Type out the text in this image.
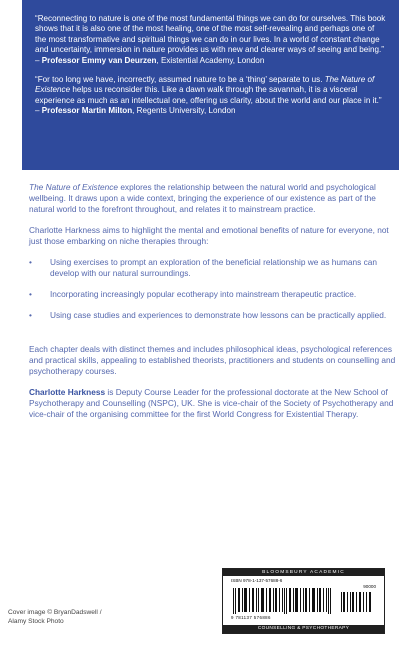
“Reconnecting to nature is one of the most fundamental things we can do for ourselves. This book shows that it is also one of the most healing, one of the most self-revealing and perhaps one of the most transformative and spiritual things we can do in our lives. In a world of constant change and uncertainty, immersion in nature provides us with new and clearer ways of seeing and being.”
– Professor Emmy van Deurzen, Existential Academy, London

“For too long we have, incorrectly, assumed nature to be a ‘thing’ separate to us. The Nature of Existence helps us reconsider this. Like a dawn walk through the savannah, it is a visceral experience as much as an intellectual one, offering us clarity, about the world and our place in it.” – Professor Martin Milton, Regents University, London

The Nature of Existence explores the relationship between the natural world and psychological wellbeing. It draws upon a wide context, bringing the experience of our existence as part of the natural world to the forefront throughout, and relates it to mainstream practice.

Charlotte Harkness aims to highlight the mental and emotional benefits of nature for everyone, not just those embarking on niche therapies through:

• Using exercises to prompt an exploration of the beneficial relationship we as humans can develop with our natural surroundings.
• Incorporating increasingly popular ecotherapy into mainstream therapeutic practice.
• Using case studies and experiences to demonstrate how lessons can be practically applied.

Each chapter deals with distinct themes and includes philosophical ideas, psychological references and practical skills, appealing to established theorists, practitioners and students on counselling and psychotherapy courses.

Charlotte Harkness is Deputy Course Leader for the professional doctorate at the New School of Psychotherapy and Counselling (NSPC), UK. She is vice-chair of the Society of Psychotherapy and vice-chair of the organising committee for the first World Congress for Existential Therapy.

BLOOMSBURY ACADEMIC
ISBN 978-1-137-57688-6
90000
9 781137 576886
COUNSELLING & PSYCHOTHERAPY
Cover image © BryanDadswell /
Alamy Stock Photo
